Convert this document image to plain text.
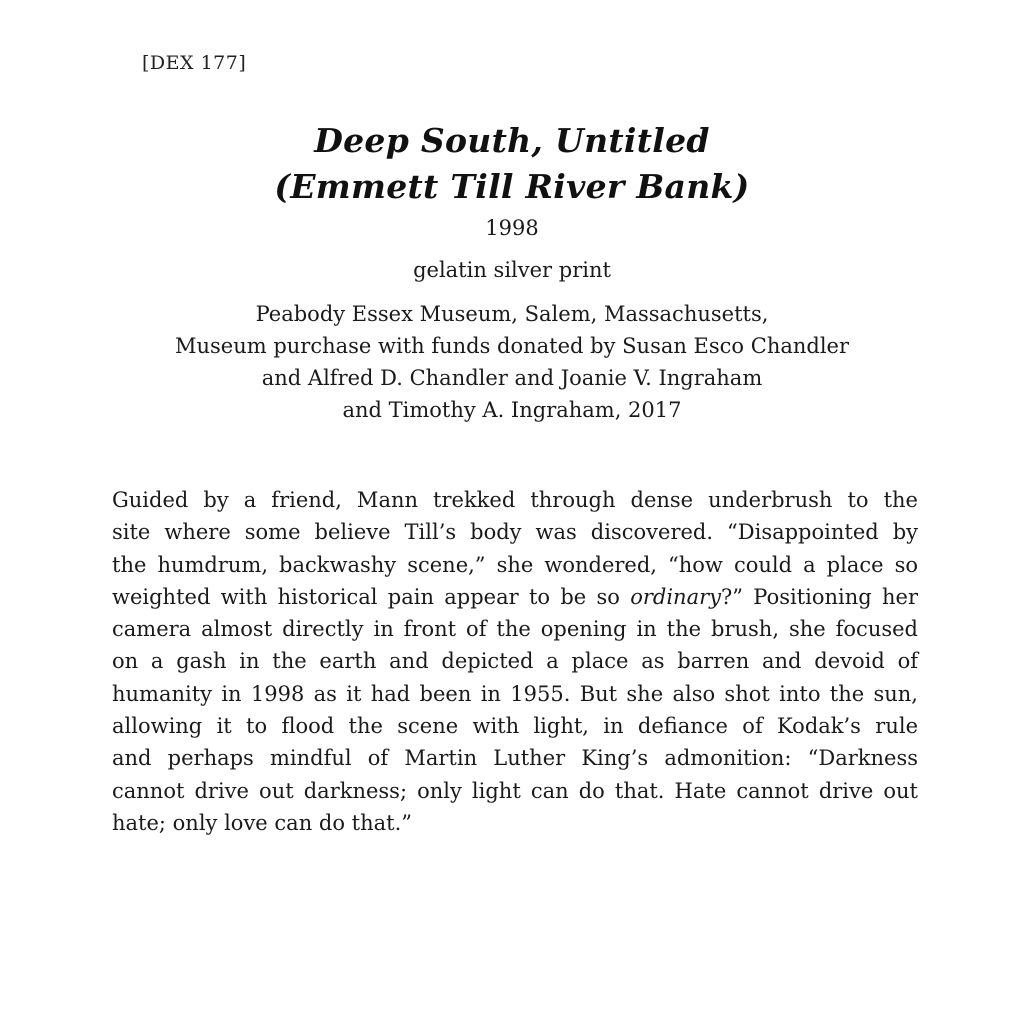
[DEX 177]
Deep South, Untitled
(Emmett Till River Bank)
1998
gelatin silver print
Peabody Essex Museum, Salem, Massachusetts,
Museum purchase with funds donated by Susan Esco Chandler
and Alfred D. Chandler and Joanie V. Ingraham
and Timothy A. Ingraham, 2017
Guided by a friend, Mann trekked through dense underbrush to the
site where some believe Till’s body was discovered. “Disappointed by
the humdrum, backwashy scene,” she wondered, “how could a place so
weighted with historical pain appear to be so ordinary?” Positioning her
camera almost directly in front of the opening in the brush, she focused
on a gash in the earth and depicted a place as barren and devoid of
humanity in 1998 as it had been in 1955. But she also shot into the sun,
allowing it to flood the scene with light, in defiance of Kodak’s rule
and perhaps mindful of Martin Luther King’s admonition: “Darkness
cannot drive out darkness; only light can do that. Hate cannot drive out
hate; only love can do that.”
